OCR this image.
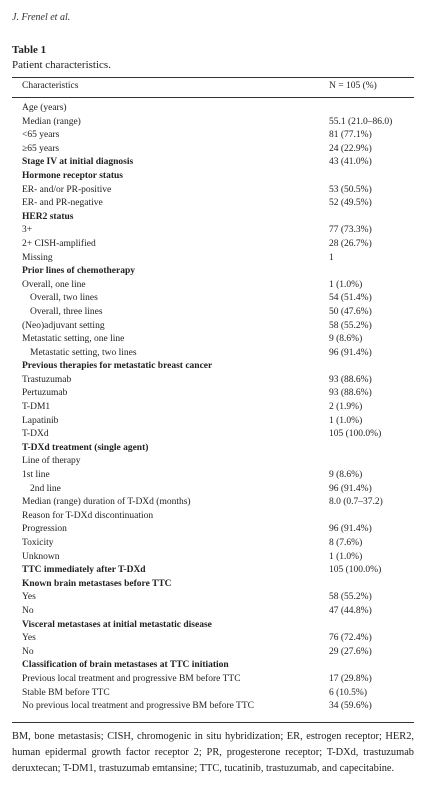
J. Frenel et al.
Table 1
Patient characteristics.
Characteristics	N = 105 (%)
Age (years)
Median (range)	55.1 (21.0–86.0)
<65 years	81 (77.1%)
≥65 years	24 (22.9%)
Stage IV at initial diagnosis	43 (41.0%)
Hormone receptor status
ER- and/or PR-positive	53 (50.5%)
ER- and PR-negative	52 (49.5%)
HER2 status
3+	77 (73.3%)
2+ CISH-amplified	28 (26.7%)
Missing	1
Prior lines of chemotherapy
Overall, one line	1 (1.0%)
Overall, two lines	54 (51.4%)
Overall, three lines	50 (47.6%)
(Neo)adjuvant setting	58 (55.2%)
Metastatic setting, one line	9 (8.6%)
Metastatic setting, two lines	96 (91.4%)
Previous therapies for metastatic breast cancer
Trastuzumab	93 (88.6%)
Pertuzumab	93 (88.6%)
T-DM1	2 (1.9%)
Lapatinib	1 (1.0%)
T-DXd	105 (100.0%)
T-DXd treatment (single agent)
Line of therapy
1st line	9 (8.6%)
2nd line	96 (91.4%)
Median (range) duration of T-DXd (months)	8.0 (0.7–37.2)
Reason for T-DXd discontinuation
Progression	96 (91.4%)
Toxicity	8 (7.6%)
Unknown	1 (1.0%)
TTC immediately after T-DXd	105 (100.0%)
Known brain metastases before TTC
Yes	58 (55.2%)
No	47 (44.8%)
Visceral metastases at initial metastatic disease
Yes	76 (72.4%)
No	29 (27.6%)
Classification of brain metastases at TTC initiation
Previous local treatment and progressive BM before TTC	17 (29.8%)
Stable BM before TTC	6 (10.5%)
No previous local treatment and progressive BM before TTC	34 (59.6%)
BM, bone metastasis; CISH, chromogenic in situ hybridization; ER, estrogen receptor; HER2, human epidermal growth factor receptor 2; PR, progesterone receptor; T-DXd, trastuzumab deruxtecan; T-DM1, trastuzumab emtansine; TTC, tucatinib, trastuzumab, and capecitabine.
